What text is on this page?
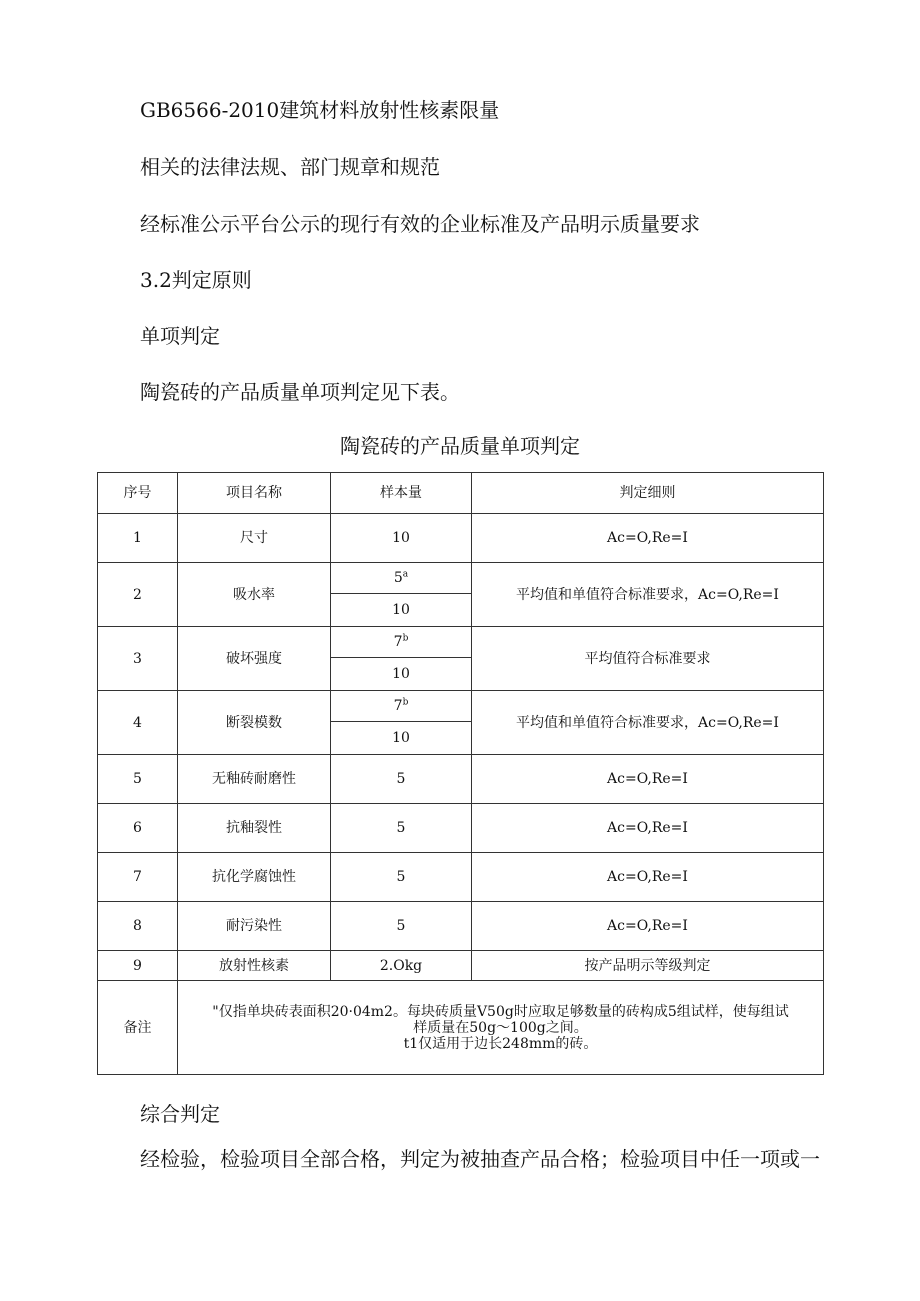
GB6566-2010建筑材料放射性核素限量

相关的法律法规、部门规章和规范

经标准公示平台公示的现行有效的企业标准及产品明示质量要求

3.2判定原则

单项判定

陶瓷砖的产品质量单项判定见下表。

陶瓷砖的产品质量单项判定

序号	项目名称	样本量	判定细则
1	尺寸	10	Ac=O,Re=I
2	吸水率	5$^a$	平均值和单值符合标准要求，Ac=O,Re=I
		10	
3	破坏强度	7$^b$	平均值符合标准要求
		10	
4	断裂模数	7$^b$	平均值和单值符合标准要求，Ac=O,Re=I
		10	
5	无釉砖耐磨性	5	Ac=O,Re=I
6	抗釉裂性	5	Ac=O,Re=I
7	抗化学腐蚀性	5	Ac=O,Re=I
8	耐污染性	5	Ac=O,Re=I
9	放射性核素	2.Okg	按产品明示等级判定
备注	"仅指单块砖表面积20·04m2。每块砖质量V50g时应取足够数量的砖构成5组试样，使每组试
样质量在50g～100g之间。
t1仅适用于边长248mm的砖。		

综合判定

经检验，检验项目全部合格，判定为被抽查产品合格；检验项目中任一项或一
